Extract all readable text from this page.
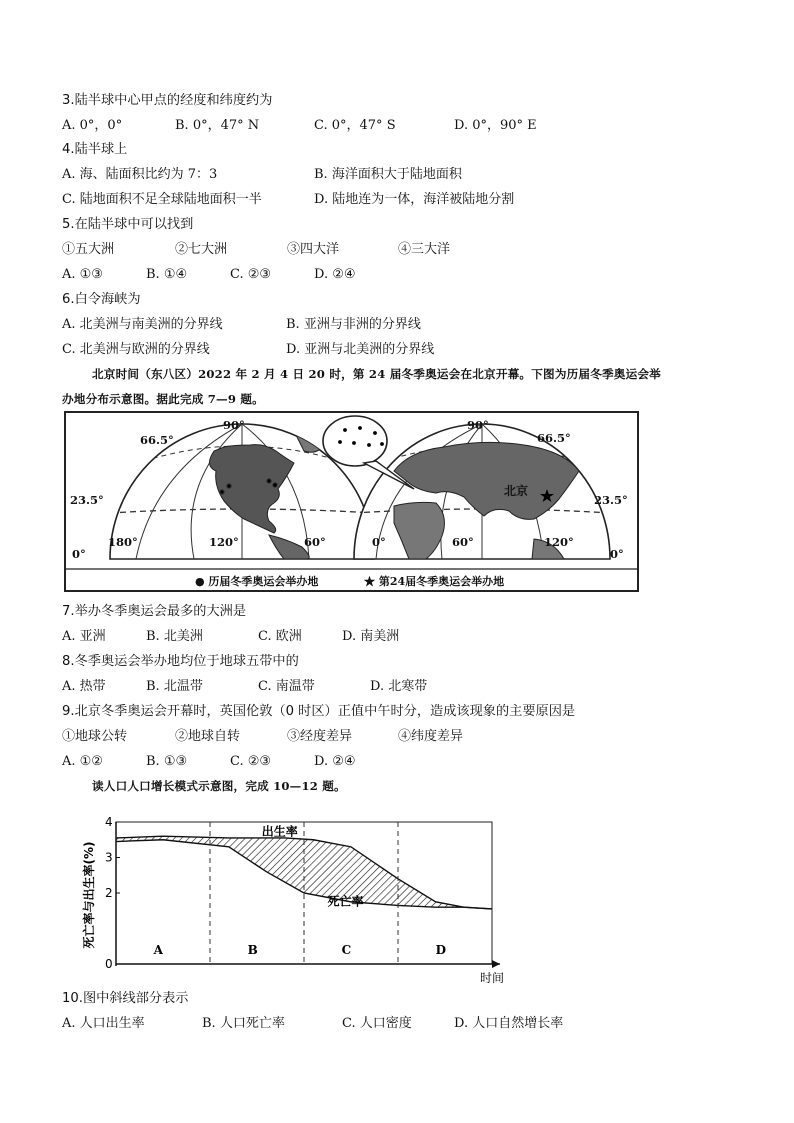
3.陆半球中心甲点的经度和纬度约为
A. 0°，0°	B. 0°，47° N	C. 0°，47° S	D. 0°，90° E
4.陆半球上
A. 海、陆面积比约为 7：3	B. 海洋面积大于陆地面积
C. 陆地面积不足全球陆地面积一半	D. 陆地连为一体，海洋被陆地分割
5.在陆半球中可以找到
①五大洲	②七大洲	③四大洋	④三大洋
A. ①③	B. ①④	C. ②③	D. ②④
6.白令海峡为
A. 北美洲与南美洲的分界线	B. 亚洲与非洲的分界线
C. 北美洲与欧洲的分界线	D. 亚洲与北美洲的分界线
北京时间（东八区）2022 年 2 月 4 日 20 时，第 24 届冬季奥运会在北京开幕。下图为历届冬季奥运会举
办地分布示意图。据此完成 7—9 题。
66.5°
23.5°
0°
90°
180°	120°	60°
90°
66.5°
23.5°
0°
0°	60°	120°
北京
● 历届冬季奥运会举办地	★ 第24届冬季奥运会举办地
7.举办冬季奥运会最多的大洲是
A. 亚洲	B. 北美洲	C. 欧洲	D. 南美洲
8.冬季奥运会举办地均位于地球五带中的
A. 热带	B. 北温带	C. 南温带	D. 北寒带
9.北京冬季奥运会开幕时，英国伦敦（0 时区）正值中午时分，造成该现象的主要原因是
①地球公转	②地球自转	③经度差异	④纬度差异
A. ①②	B. ①③	C. ②③	D. ②④
读人口人口增长模式示意图，完成 10—12 题。
A	B	C	D
0
2
3
4
出生率
死亡率
时间
死亡率与出生率(%)
10.图中斜线部分表示
A. 人口出生率	B. 人口死亡率	C. 人口密度	D. 人口自然增长率
